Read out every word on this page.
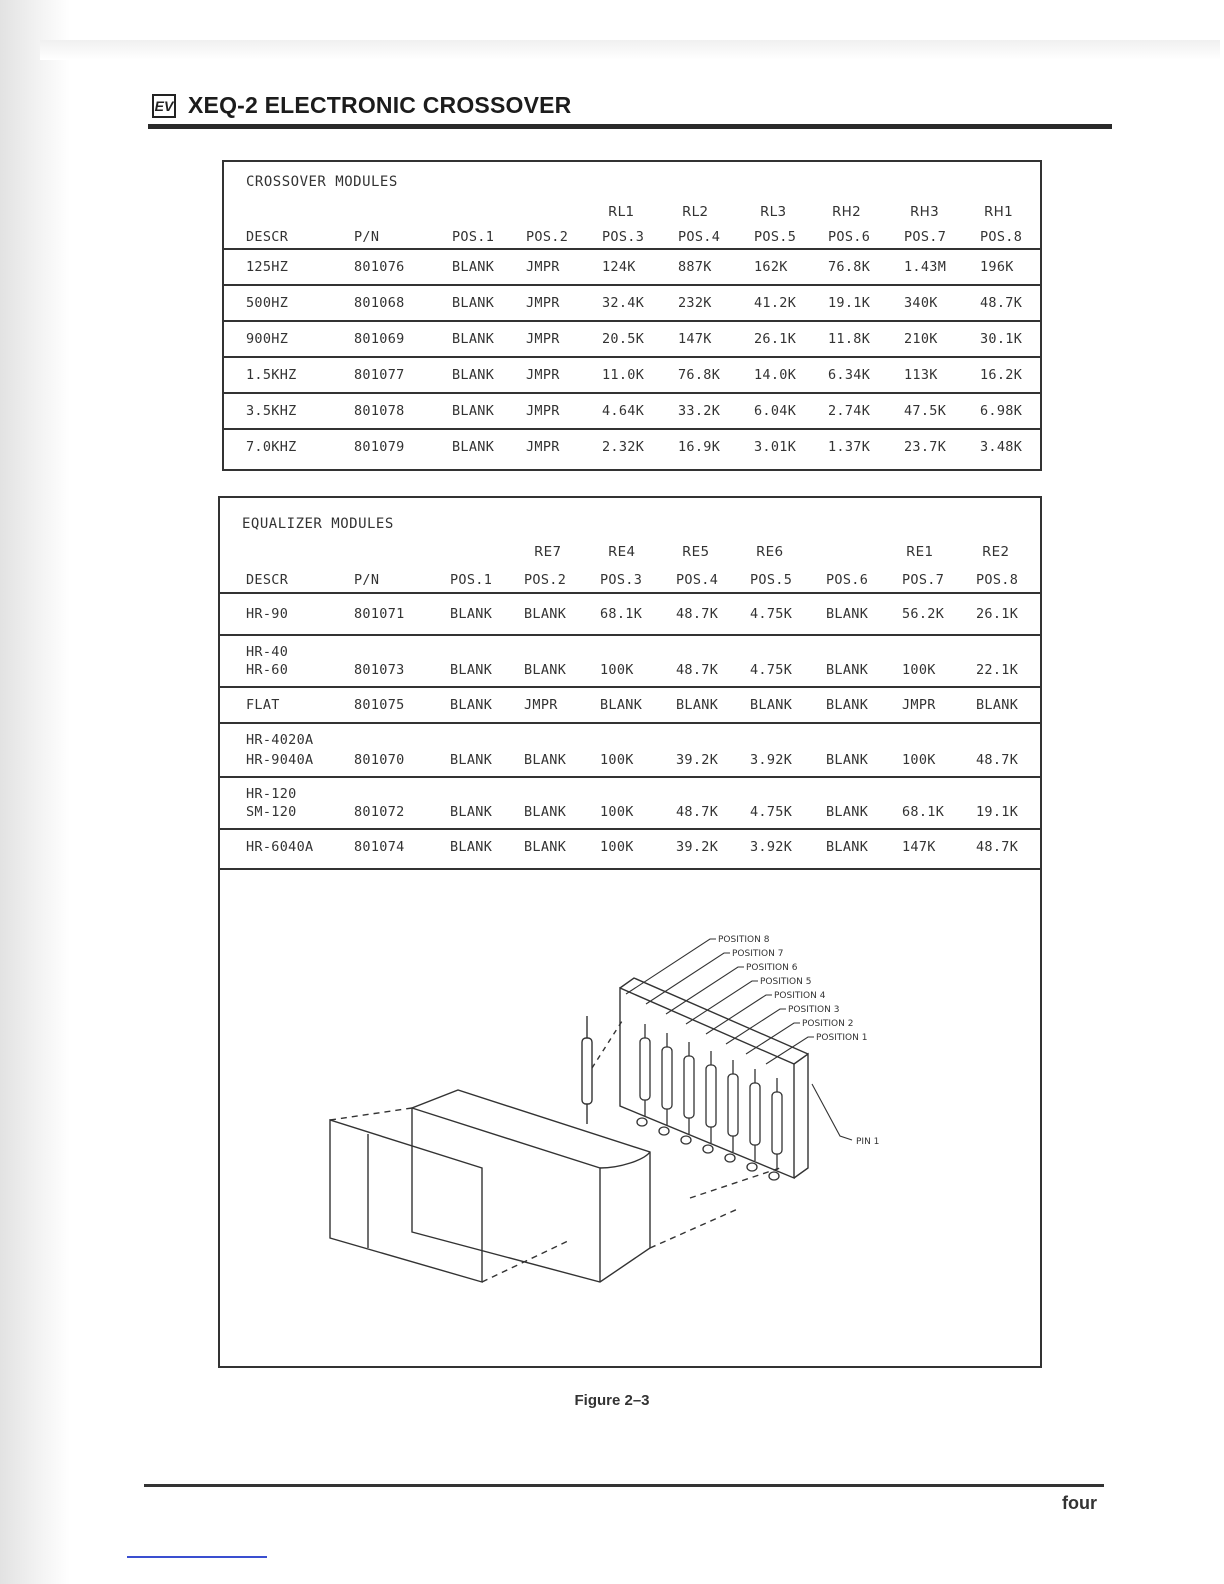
EV XEQ-2 ELECTRONIC CROSSOVER
CROSSOVER MODULES
RL1	RL2	RL3	RH2	RH3	RH1
DESCR	P/N	POS.1 POS.2	POS.3	POS.4	POS.5 POS.6	POS.7	POS.8
125HZ	801076	BLANK JMPR	124K	887K	162K	76.8K	1.43M	196K
500HZ	801068	BLANK JMPR	32.4K	232K	41.2K 19.1K	340K	48.7K
900HZ	801069	BLANK JMPR	20.5K	147K	26.1K 11.8K	210K	30.1K
1.5KHZ	801077	BLANK JMPR	11.0K	76.8K	14.0K 6.34K	113K	16.2K
3.5KHZ	801078	BLANK JMPR	4.64K	33.2K	6.04K 2.74K	47.5K	6.98K
7.0KHZ	801079	BLANK JMPR	2.32K	16.9K	3.01K 1.37K	23.7K	3.48K
EQUALIZER MODULES
RE7	RE4	RE5	RE6	RE1	RE2
DESCR	P/N	POS.1 POS.2	POS.3	POS.4 POS.5	POS.6	POS.7 POS.8
HR-90	801071	BLANK BLANK	68.1K	48.7K 4.75K	BLANK	56.2K 26.1K
HR-40
HR-60	801073	BLANK BLANK	100K	48.7K 4.75K	BLANK	100K	22.1K
FLAT	801075	BLANK JMPR	BLANK	BLANK BLANK	BLANK	JMPR	BLANK
HR-4020A
HR-9040A	801070	BLANK BLANK	100K	39.2K 3.92K	BLANK	100K	48.7K
HR-120
SM-120	801072	BLANK BLANK	100K	48.7K 4.75K	BLANK	68.1K 19.1K
HR-6040A	801074	BLANK BLANK	100K	39.2K 3.92K	BLANK	147K	48.7K
POSITION 8
POSITION 7
POSITION 6
POSITION 5
POSITION 4
POSITION 3
POSITION 2
POSITION 1
PIN 1
Figure 2–3
four
